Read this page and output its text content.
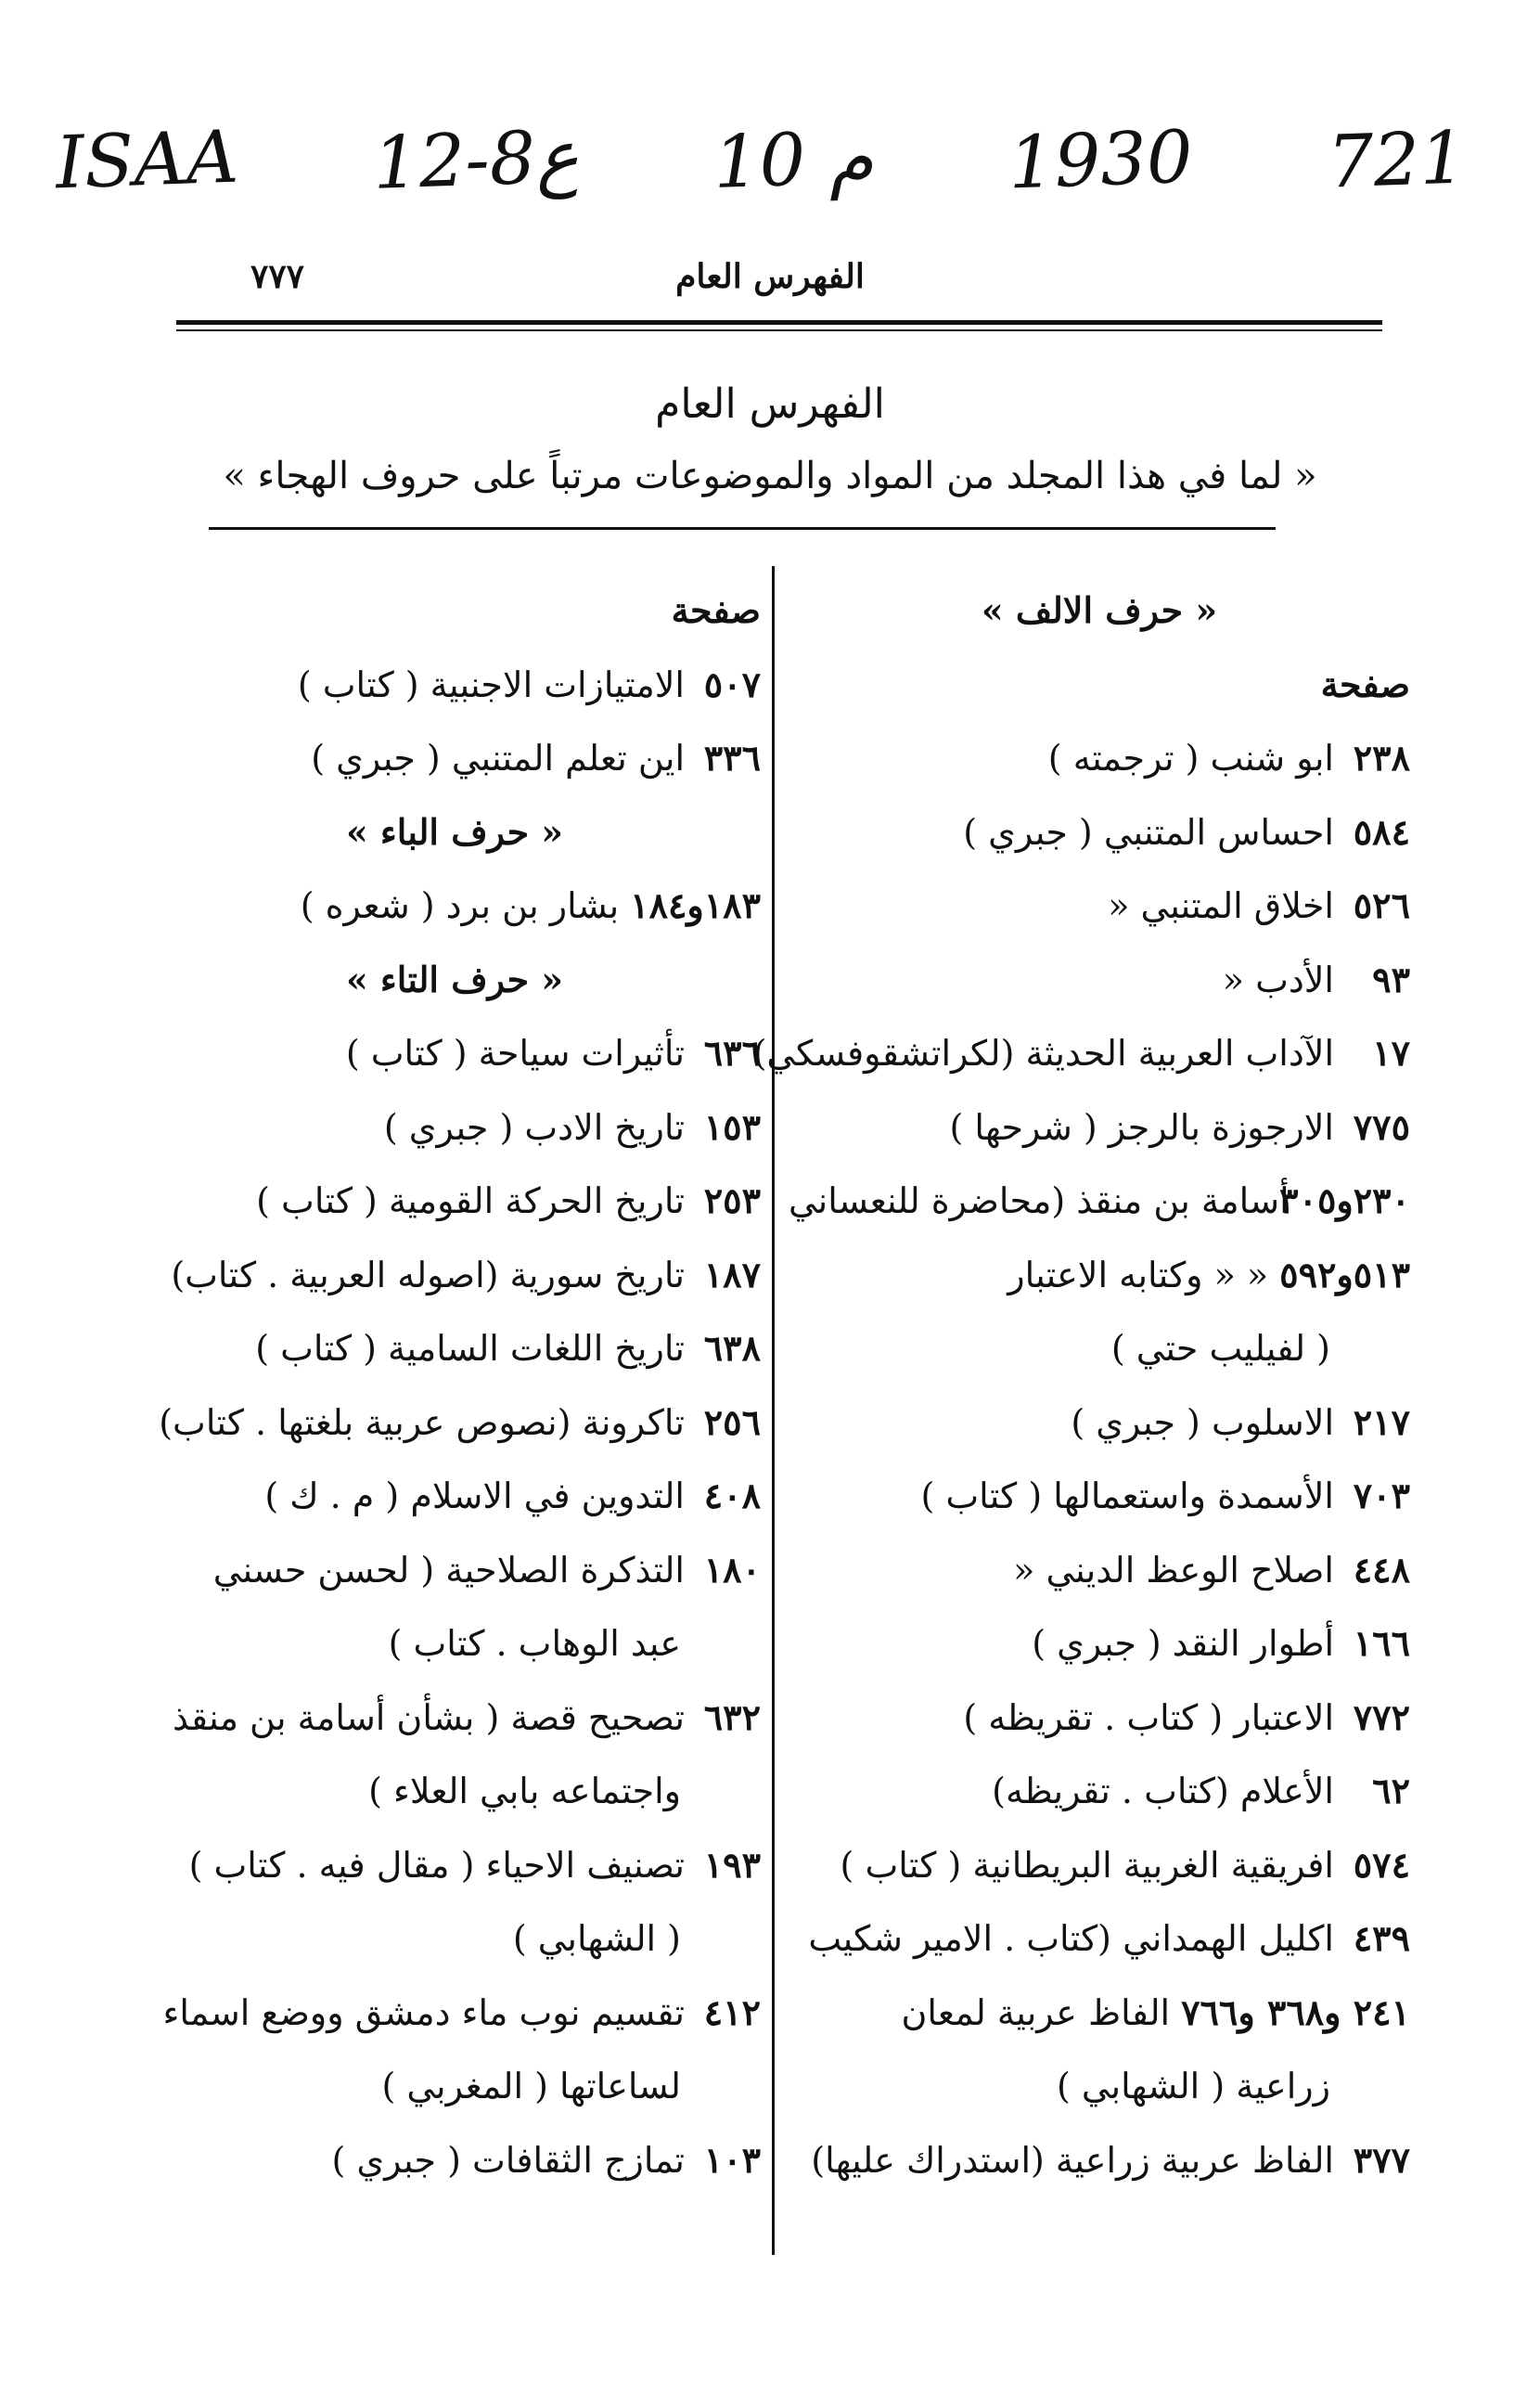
721
1930
10 م
12-8ع
ISAA
الفهرس العام
٧٧٧
الفهرس العام
« لما في هذا المجلد من المواد والموضوعات مرتباً على حروف الهجاء »
« حرف الالف »
صفحة
٢٣٨
ابو شنب ( ترجمته )
٥٨٤
احساس المتنبي ( جبري )
٥٢٦
اخلاق المتنبي «
٩٣
الأدب «
١٧
الآداب العربية الحديثة (لكراتشقوفسكي)
٧٧٥
الارجوزة بالرجز ( شرحها )
٢٣٠و٣٠٥
أسامة بن منقذ (محاضرة للنعساني
٥١٣و٥٩٢
« « وكتابه الاعتبار
( لفيليب حتي )
٢١٧
الاسلوب ( جبري )
٧٠٣
الأسمدة واستعمالها ( كتاب )
٤٤٨
اصلاح الوعظ الديني «
١٦٦
أطوار النقد ( جبري )
٧٧٢
الاعتبار ( كتاب . تقريظه )
٦٢
الأعلام (كتاب . تقريظه)
٥٧٤
افريقية الغربية البريطانية ( كتاب )
٤٣٩
اكليل الهمداني (كتاب . الامير شكيب
٢٤١ و٣٦٨ و٧٦٦
الفاظ عربية لمعان
زراعية ( الشهابي )
٣٧٧
الفاظ عربية زراعية (استدراك عليها)
صفحة
٥٠٧
الامتيازات الاجنبية ( كتاب )
٣٣٦
اين تعلم المتنبي ( جبري )
« حرف الباء »
١٨٣و١٨٤
بشار بن برد ( شعره )
« حرف التاء »
٦٣٦
تأثيرات سياحة ( كتاب )
١٥٣
تاريخ الادب ( جبري )
٢٥٣
تاريخ الحركة القومية ( كتاب )
١٨٧
تاريخ سورية (اصوله العربية . كتاب)
٦٣٨
تاريخ اللغات السامية ( كتاب )
٢٥٦
تاكرونة (نصوص عربية بلغتها . كتاب)
٤٠٨
التدوين في الاسلام ( م . ك )
١٨٠
التذكرة الصلاحية ( لحسن حسني
عبد الوهاب . كتاب )
٦٣٢
تصحيح قصة ( بشأن أسامة بن منقذ
واجتماعه بابي العلاء )
١٩٣
تصنيف الاحياء ( مقال فيه . كتاب )
( الشهابي )
٤١٢
تقسيم نوب ماء دمشق ووضع اسماء
لساعاتها ( المغربي )
١٠٣
تمازج الثقافات ( جبري )
